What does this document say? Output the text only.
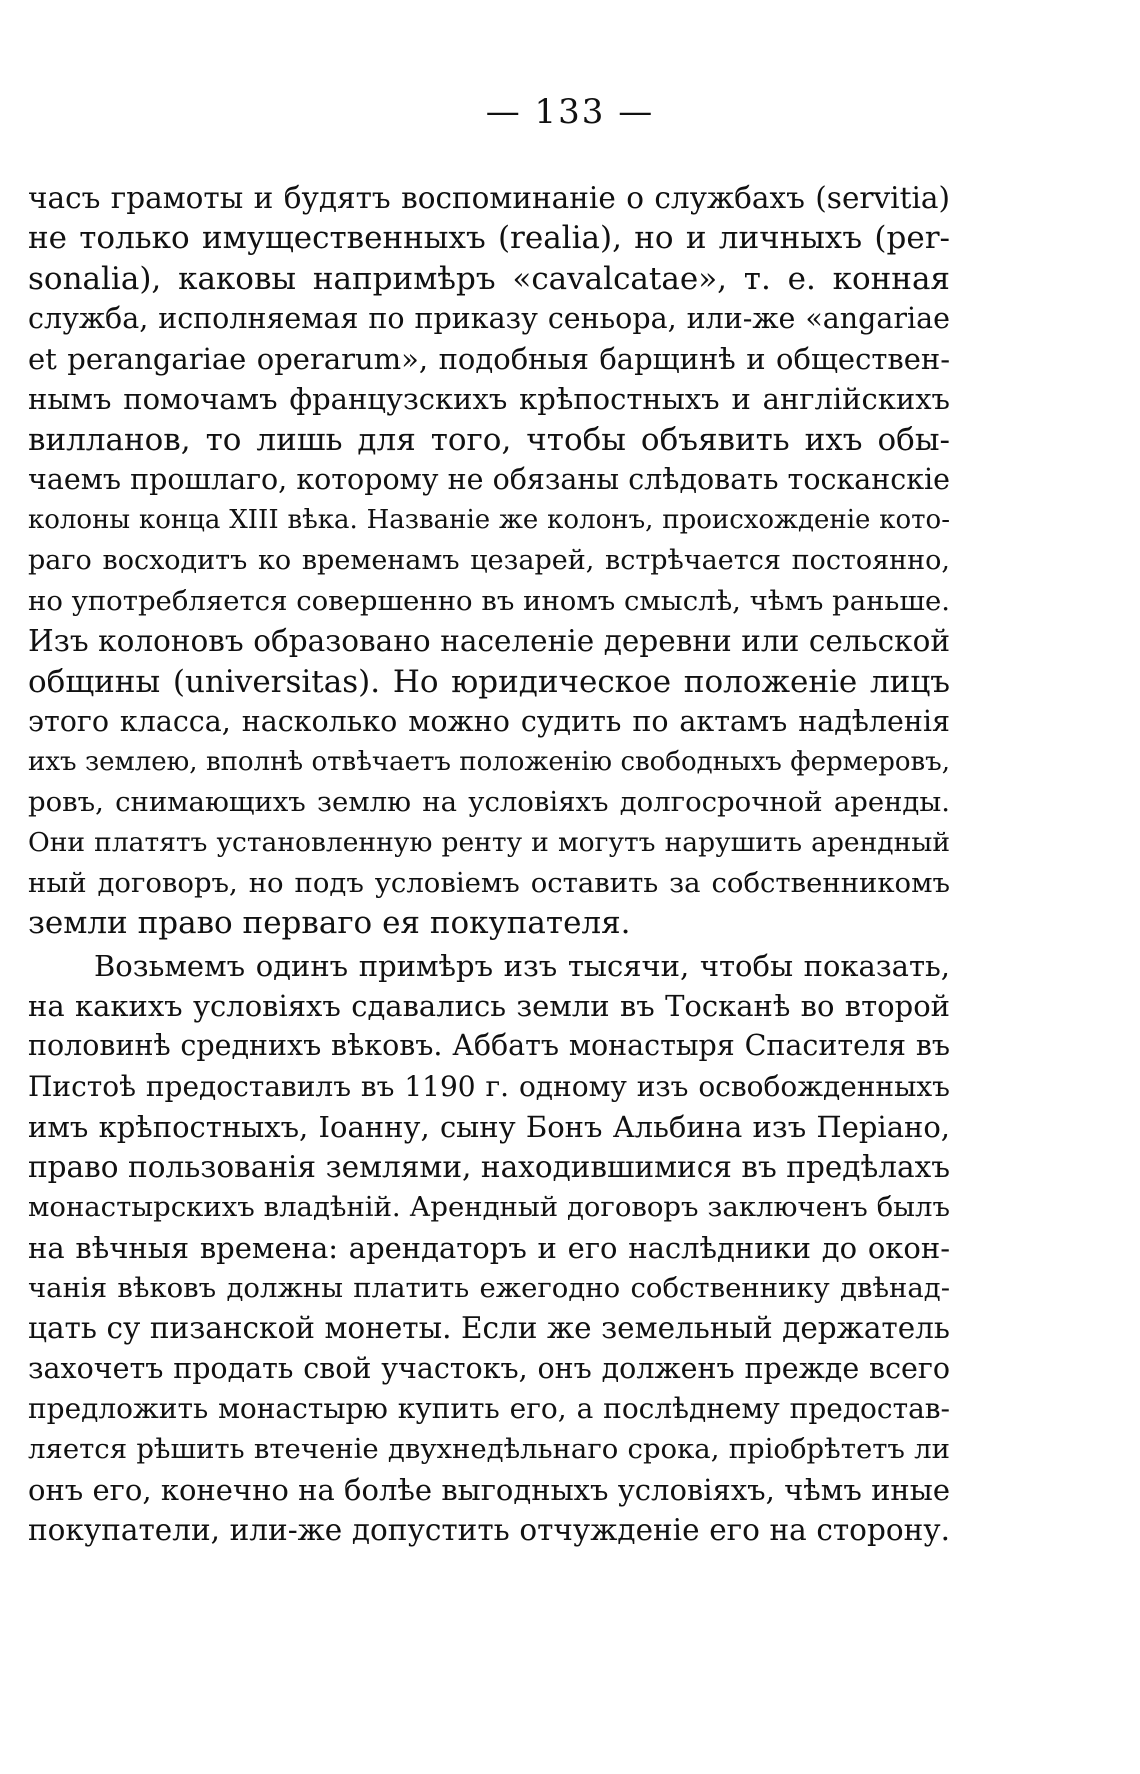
— 133 —
часъ грамоты и будятъ воспоминаніе о службахъ (servitia)
не только имущественныхъ (realia), но и личныхъ (per-
sonalia), каковы напримѣръ «cavalcatae», т. е. конная
служба, исполняемая по приказу сеньора, или-же «angariae
et perangariae operarum», подобныя барщинѣ и обществен-
нымъ помочамъ французскихъ крѣпостныхъ и англійскихъ
вилланов, то лишь для того, чтобы объявить ихъ обы-
чаемъ прошлаго, которому не обязаны слѣдовать тосканскіе
колоны конца XIII вѣка. Названіе же колонъ, происхожденіе кото-
раго восходитъ ко временамъ цезарей, встрѣчается постоянно,
но употребляется совершенно въ иномъ смыслѣ, чѣмъ раньше.
Изъ колоновъ образовано населеніе деревни или сельской
общины (universitas). Но юридическое положеніе лицъ
этого класса, насколько можно судить по актамъ надѣленія
ихъ землею, вполнѣ отвѣчаетъ положенію свободныхъ фермеровъ,
ровъ, снимающихъ землю на условіяхъ долгосрочной аренды.
Они платятъ установленную ренту и могутъ нарушить арендный
ный договоръ, но подъ условіемъ оставить за собственникомъ
земли право перваго ея покупателя.
Возьмемъ одинъ примѣръ изъ тысячи, чтобы показать,
на какихъ условіяхъ сдавались земли въ Тосканѣ во второй
половинѣ среднихъ вѣковъ. Аббатъ монастыря Спасителя въ
Пистоѣ предоставилъ въ 1190 г. одному изъ освобожденныхъ
имъ крѣпостныхъ, Іоанну, сыну Бонъ Альбина изъ Періано,
право пользованія землями, находившимися въ предѣлахъ
монастырскихъ владѣній. Арендный договоръ заключенъ былъ
на вѣчныя времена: арендаторъ и его наслѣдники до окон-
чанія вѣковъ должны платить ежегодно собственнику двѣнад-
цать су пизанской монеты. Если же земельный держатель
захочетъ продать свой участокъ, онъ долженъ прежде всего
предложить монастырю купить его, а послѣднему предостав-
ляется рѣшить втеченіе двухнедѣльнаго срока, пріобрѣтетъ ли
онъ его, конечно на болѣе выгодныхъ условіяхъ, чѣмъ иные
покупатели, или-же допустить отчужденіе его на сторону.
